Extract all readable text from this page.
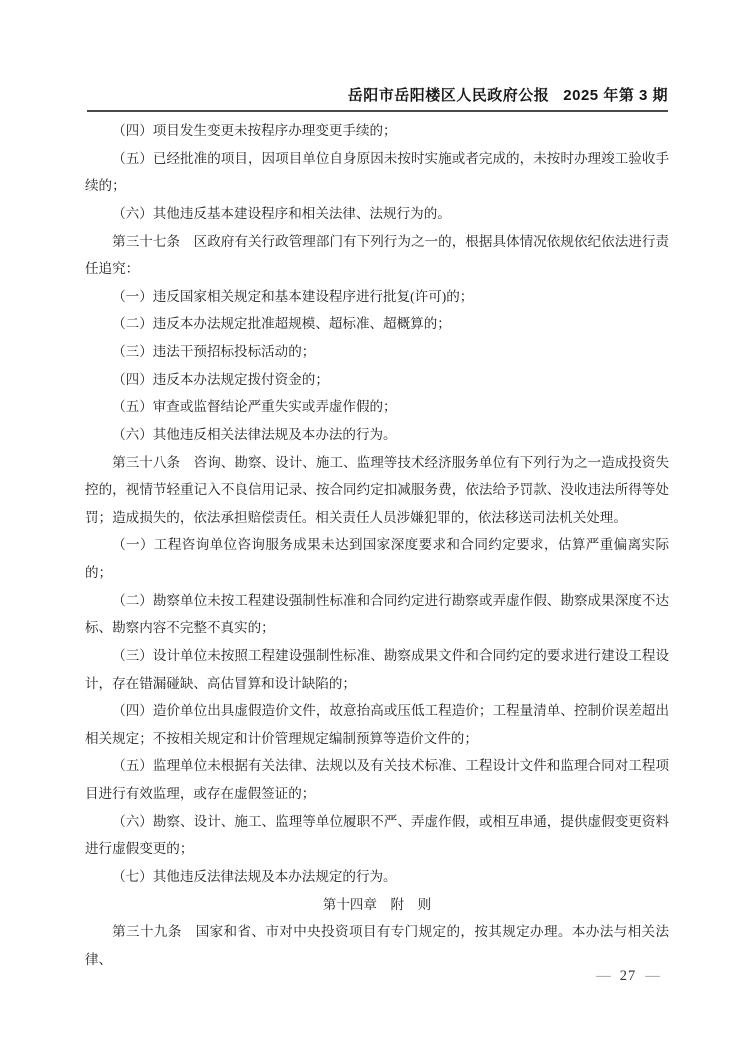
岳阳市岳阳楼区人民政府公报 2025 年第 3 期

（四）项目发生变更未按程序办理变更手续的；

（五）已经批准的项目，因项目单位自身原因未按时实施或者完成的，未按时办理竣工验收手续的；

（六）其他违反基本建设程序和相关法律、法规行为的。

第三十七条　区政府有关行政管理部门有下列行为之一的，根据具体情况依规依纪依法进行责任追究：

（一）违反国家相关规定和基本建设程序进行批复(许可)的；

（二）违反本办法规定批准超规模、超标准、超概算的；

（三）违法干预招标投标活动的；

（四）违反本办法规定拨付资金的；

（五）审查或监督结论严重失实或弄虚作假的；

（六）其他违反相关法律法规及本办法的行为。

第三十八条　咨询、勘察、设计、施工、监理等技术经济服务单位有下列行为之一造成投资失控的，视情节轻重记入不良信用记录、按合同约定扣减服务费，依法给予罚款、没收违法所得等处罚；造成损失的，依法承担赔偿责任。相关责任人员涉嫌犯罪的，依法移送司法机关处理。

（一）工程咨询单位咨询服务成果未达到国家深度要求和合同约定要求，估算严重偏离实际的；

（二）勘察单位未按工程建设强制性标准和合同约定进行勘察或弄虚作假、勘察成果深度不达标、勘察内容不完整不真实的；

（三）设计单位未按照工程建设强制性标准、勘察成果文件和合同约定的要求进行建设工程设计，存在错漏碰缺、高估冒算和设计缺陷的；

（四）造价单位出具虚假造价文件，故意抬高或压低工程造价；工程量清单、控制价误差超出相关规定；不按相关规定和计价管理规定编制预算等造价文件的；

（五）监理单位未根据有关法律、法规以及有关技术标准、工程设计文件和监理合同对工程项目进行有效监理，或存在虚假签证的；

（六）勘察、设计、施工、监理等单位履职不严、弄虚作假，或相互串通，提供虚假变更资料进行虚假变更的；

（七）其他违反法律法规及本办法规定的行为。

第十四章　附　则

第三十九条　国家和省、市对中央投资项目有专门规定的，按其规定办理。本办法与相关法律、

— 27 —
